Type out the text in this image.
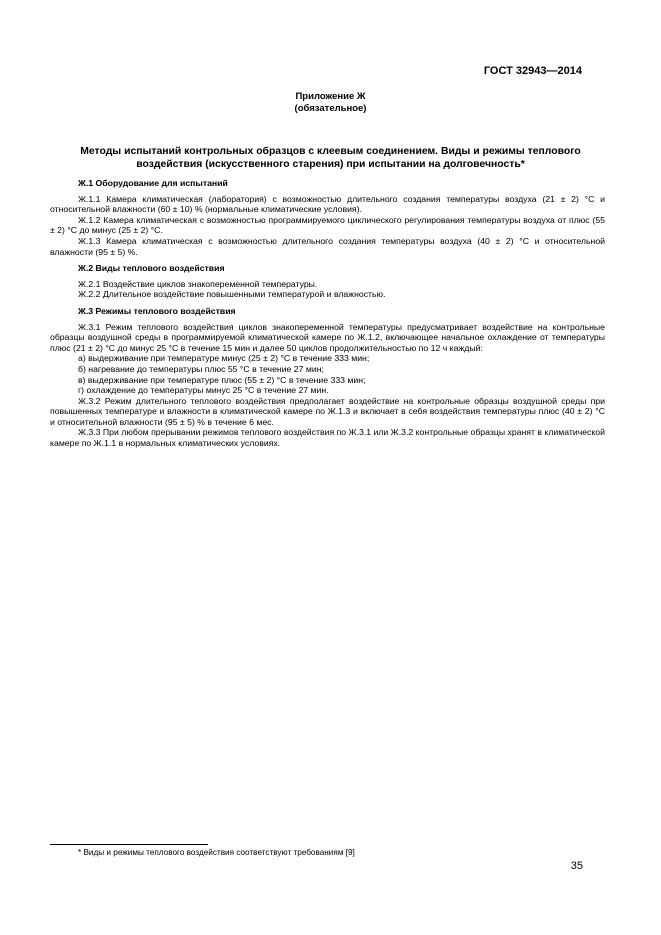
ГОСТ 32943—2014
Приложение Ж
(обязательное)
Методы испытаний контрольных образцов с клеевым соединением. Виды и режимы теплового воздействия (искусственного старения) при испытании на долговечность*
Ж.1 Оборудование для испытаний
Ж.1.1 Камера климатическая (лаборатория) с возможностью длительного создания температуры воздуха (21 ± 2) °С и относительной влажности (60 ± 10) % (нормальные климатические условия).
Ж.1.2 Камера климатическая с возможностью программируемого циклического регулирования температуры воздуха от плюс (55 ± 2) °С до минус (25 ± 2) °С.
Ж.1.3 Камера климатическая с возможностью длительного создания температуры воздуха (40 ± 2) °С и относительной влажности (95 ± 5) %.
Ж.2 Виды теплового воздействия
Ж.2.1 Воздействие циклов знакопеременной температуры.
Ж.2.2 Длительное воздействие повышенными температурой и влажностью.
Ж.3 Режимы теплового воздействия
Ж.3.1 Режим теплового воздействия циклов знакопеременной температуры предусматривает воздействие на контрольные образцы воздушной среды в программируемой климатической камере по Ж.1.2, включающее начальное охлаждение от температуры плюс (21 ± 2) °С до минус 25 °С в течение 15 мин и далее 50 циклов продолжительностью по 12 ч каждый:
а) выдерживание при температуре минус (25 ± 2) °С в течение 333 мин;
б) нагревание до температуры плюс 55 °С в течение 27 мин;
в) выдерживание при температуре плюс (55 ± 2) °С в течение 333 мин;
г) охлаждение до температуры минус 25 °С в течение 27 мин.
Ж.3.2 Режим длительного теплового воздействия предполагает воздействие на контрольные образцы воздушной среды при повышенных температуре и влажности в климатической камере по Ж.1.3 и включает в себя воздействия температуры плюс (40 ± 2) °С и относительной влажности (95 ± 5) % в течение 6 мес.
Ж.3.3 При любом прерывании режимов теплового воздействия по Ж.3.1 или Ж.3.2 контрольные образцы хранят в климатической камере по Ж.1.1 в нормальных климатических условиях.
* Виды и режимы теплового воздействия соответствуют требованиям [9]
35
